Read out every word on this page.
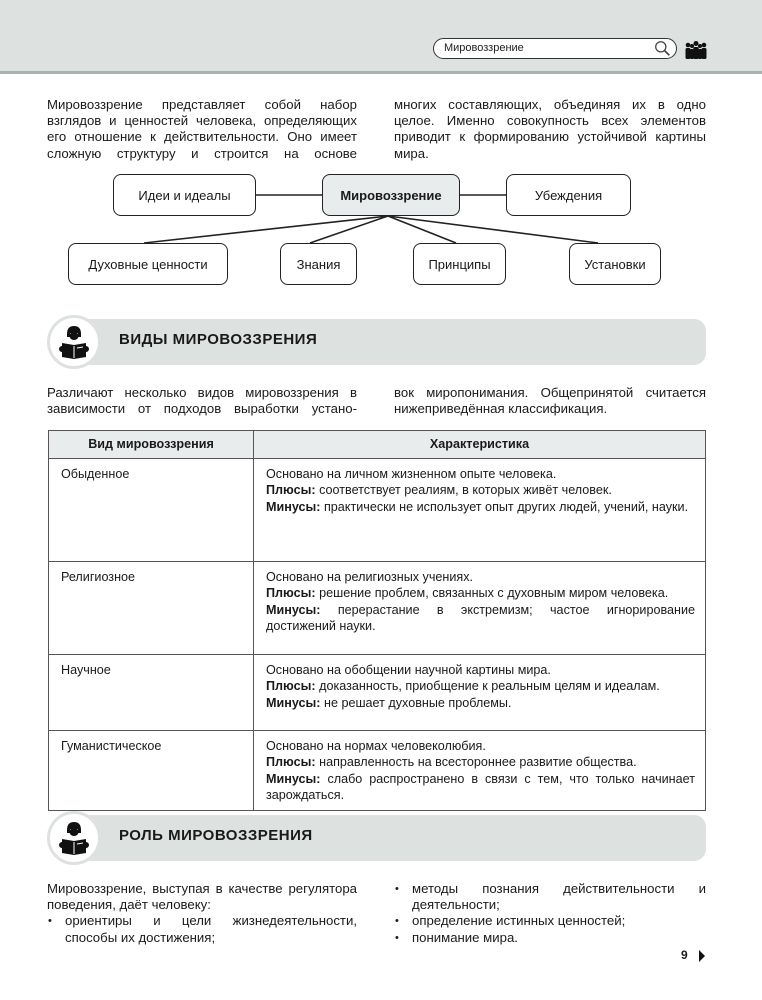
Мировоззрение

Мировоззрение представляет собой набор взглядов и ценностей человека, определяющих его отношение к действительности. Оно имеет сложную структуру и строится на основе

многих составляющих, объединяя их в одно целое. Именно совокупность всех элементов приводит к формированию устойчивой картины мира.

Идеи и идеалы	Мировоззрение	Убеждения
Духовные ценности	Знания	Принципы	Установки
ВИДЫ МИРОВОЗЗРЕНИЯ

Различают несколько видов мировоззрения в зависимости от подходов выработки устано-

вок миропонимания. Общепринятой считается нижеприведённая классификация.

Вид мировоззрения	Характеристика
Обыденное	Основано на личном жизненном опыте человека.
Плюсы: соответствует реалиям, в которых живёт человек.
Минусы: практически не использует опыт других людей, учений, науки.

Религиозное	Основано на религиозных учениях.
Плюсы: решение проблем, связанных с духовным миром человека.
Минусы: перерастание в экстремизм; частое игнорирование достижений науки.

Научное	Основано на обобщении научной картины мира.
Плюсы: доказанность, приобщение к реальным целям и идеалам.
Минусы: не решает духовные проблемы.

Гуманистическое	Основано на нормах человеколюбия.
Плюсы: направленность на всестороннее развитие общества.
Минусы: слабо распространено в связи с тем, что только начинает зарождаться.
РОЛЬ МИРОВОЗЗРЕНИЯ

Мировоззрение, выступая в качестве регулятора поведения, даёт человеку:

• ориентиры и цели жизнедеятельности, способы их достижения;
• методы познания действительности и деятельности;
• определение истинных ценностей;
• понимание мира.
9
